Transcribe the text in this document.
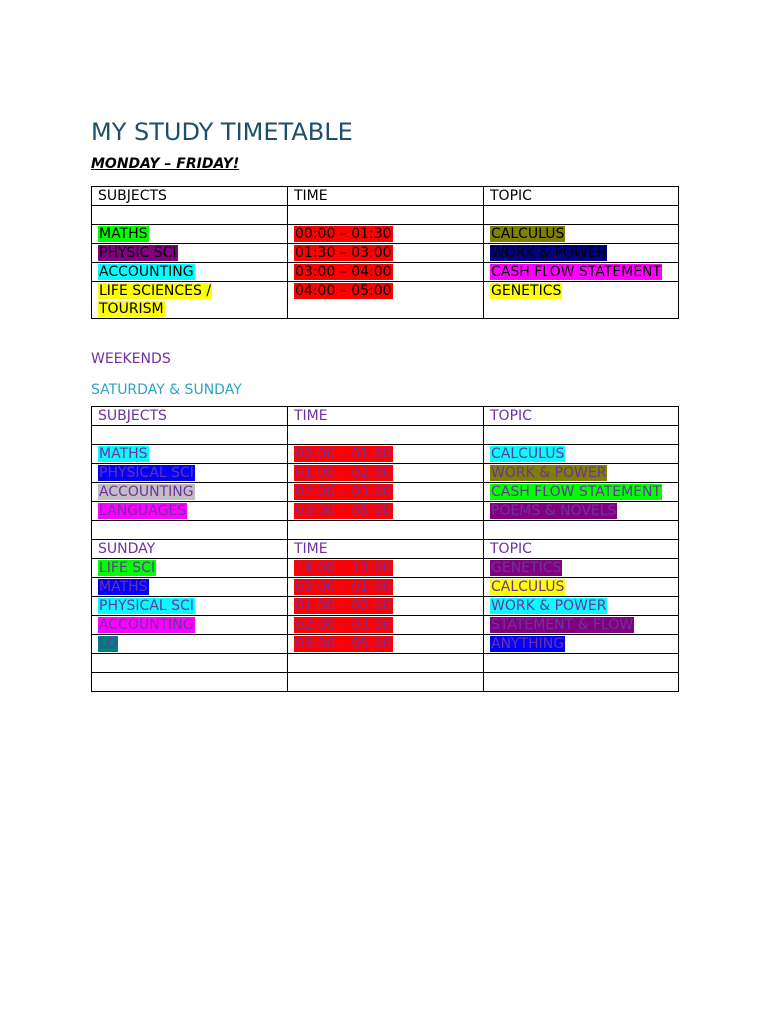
MY STUDY TIMETABLE
MONDAY – FRIDAY!
SUBJECTS	TIME	TOPIC

MATHS	00:00 – 01:30	CALCULUS
PHYSIC SCI	01:30 – 03:00	WORK & POWER
ACCOUNTING	03:00 – 04:00	CASH FLOW STATEMENT
LIFE SCIENCES / TOURISM	04:00 – 05:00	GENETICS
WEEKENDS
SATURDAY & SUNDAY
SUBJECTS	TIME	TOPIC

MATHS	00:00 – 01:00	CALCULUS
PHYSICAL SCI	01:00 – 02:00	WORK & POWER
ACCOUNTING	02:00 – 03:00	CASH FLOW STATEMENT
LANGUAGES	03:00 – 05:00	POEMS & NOVELS

SUNDAY	TIME	TOPIC
LIFE SCI	18:00 – 19:00	GENETICS
MATHS	00:00 – 01:00	CALCULUS
PHYSICAL SCI	01:00 – 02:00	WORK & POWER
ACCOUNTING	02:00 – 03:00	STATEMENT & FLOW
LO	03:00 – 05:00	ANYTHING
